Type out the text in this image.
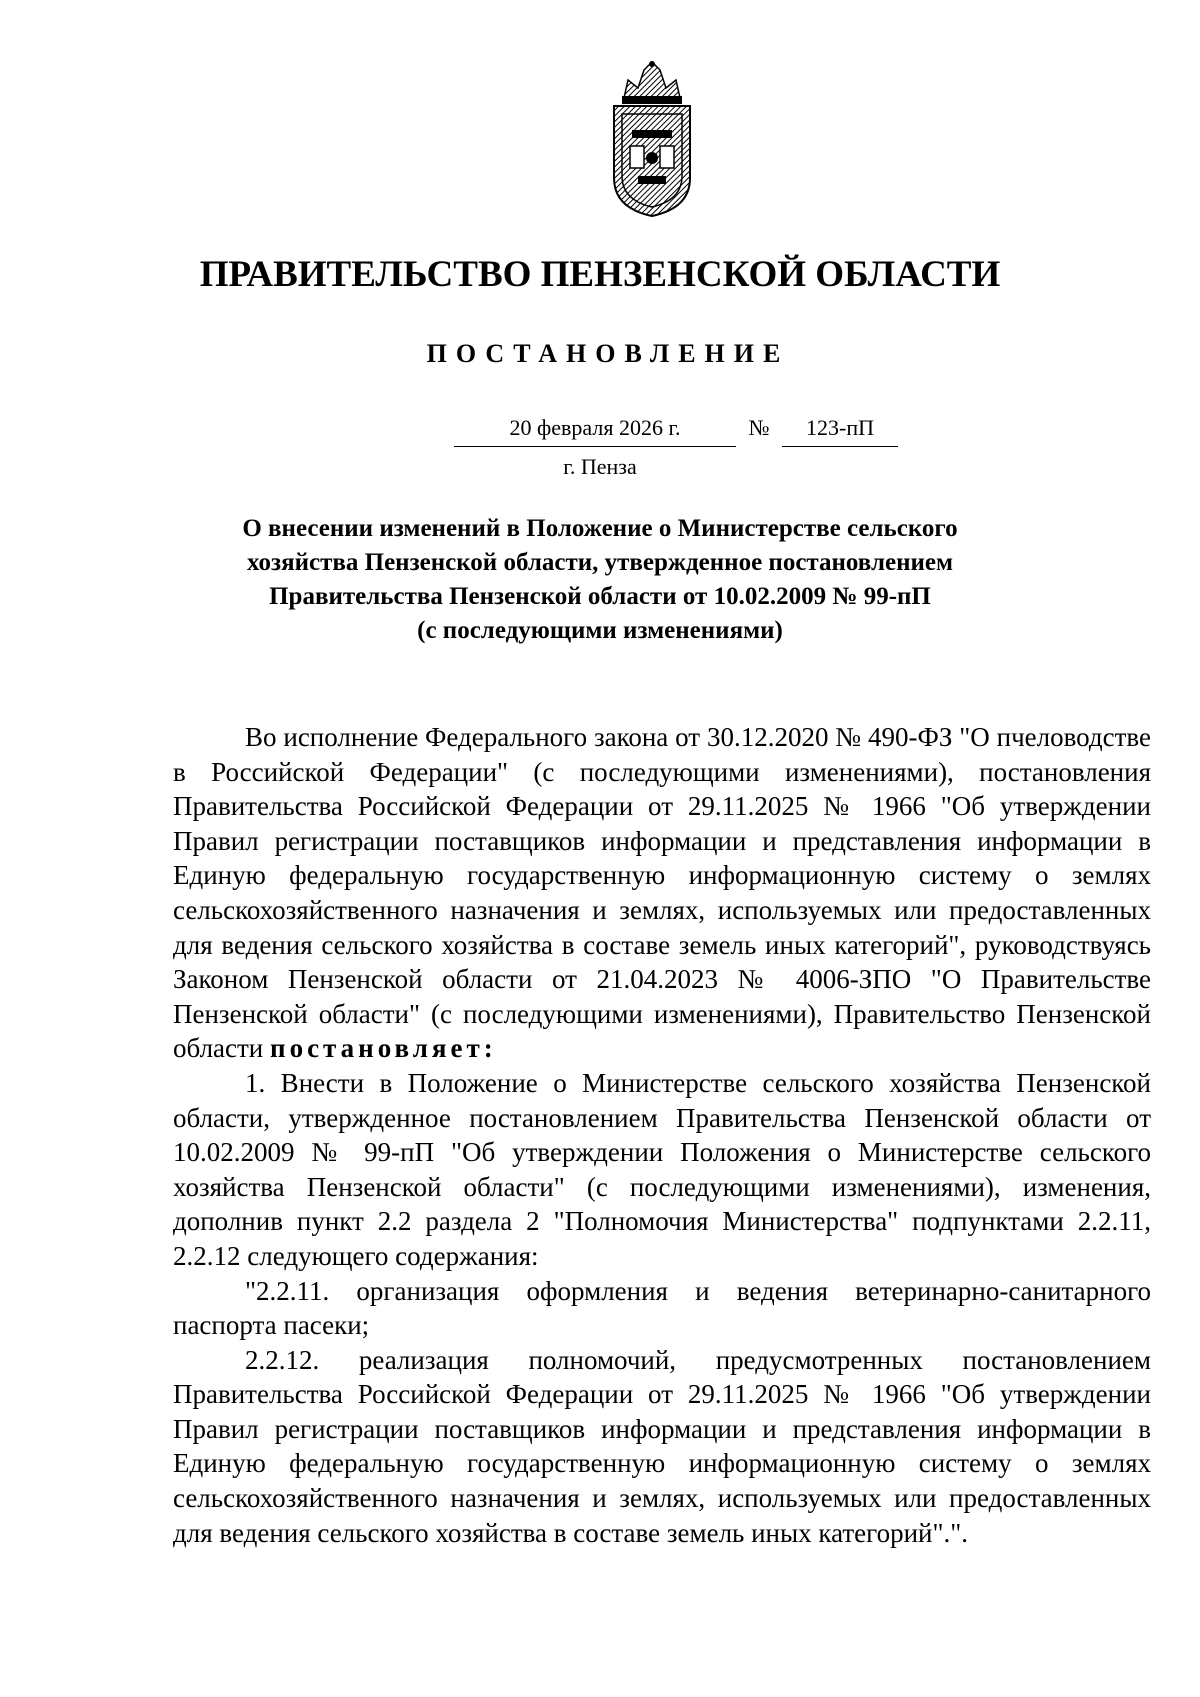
ПРАВИТЕЛЬСТВО ПЕНЗЕНСКОЙ ОБЛАСТИ
ПОСТАНОВЛЕНИЕ
20 февраля 2026 г.	№	123-пП
г. Пенза
О внесении изменений в Положение о Министерстве сельского
хозяйства Пензенской области, утвержденное постановлением
Правительства Пензенской области от 10.02.2009 № 99-пП
(с последующими изменениями)

Во исполнение Федерального закона от 30.12.2020 № 490-ФЗ "О пчеловодстве в Российской Федерации" (с последующими изменениями), постановления Правительства Российской Федерации от 29.11.2025 № 1966 "Об утверждении Правил регистрации поставщиков информации и представления информации в Единую федеральную государственную информационную систему о землях сельскохозяйственного назначения и землях, используемых или предоставленных для ведения сельского хозяйства в составе земель иных категорий", руководствуясь Законом Пензенской области от 21.04.2023 № 4006-ЗПО "О Правительстве Пензенской области" (с последующими изменениями), Правительство Пензенской области постановляет:

1. Внести в Положение о Министерстве сельского хозяйства Пензенской области, утвержденное постановлением Правительства Пензенской области от 10.02.2009 № 99-пП "Об утверждении Положения о Министерстве сельского хозяйства Пензенской области" (с последующими изменениями), изменения, дополнив пункт 2.2 раздела 2 "Полномочия Министерства" подпунктами 2.2.11, 2.2.12 следующего содержания:

"2.2.11. организация оформления и ведения ветеринарно-санитарного паспорта пасеки;

2.2.12. реализация полномочий, предусмотренных постановлением Правительства Российской Федерации от 29.11.2025 № 1966 "Об утверждении Правил регистрации поставщиков информации и представления информации в Единую федеральную государственную информационную систему о землях сельскохозяйственного назначения и землях, используемых или предоставленных для ведения сельского хозяйства в составе земель иных категорий".".
